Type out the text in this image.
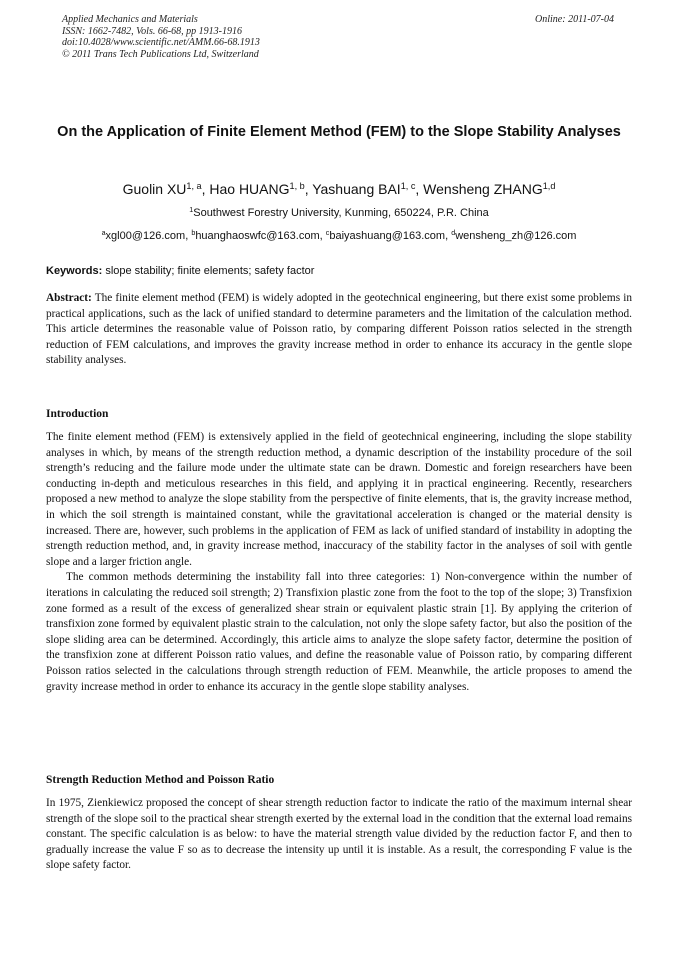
Applied Mechanics and Materials
ISSN: 1662-7482, Vols. 66-68, pp 1913-1916
doi:10.4028/www.scientific.net/AMM.66-68.1913
© 2011 Trans Tech Publications Ltd, Switzerland
Online: 2011-07-04
On the Application of Finite Element Method (FEM) to the Slope Stability Analyses
Guolin XU$^{1, a}$, Hao HUANG$^{1, b}$, Yashuang BAI$^{1, c}$, Wensheng ZHANG$^{1,d}$
$^1$Southwest Forestry University, Kunming, 650224, P.R. China
$^a$xgl00@126.com, $^b$huanghaoswfc@163.com, $^c$baiyashuang@163.com, $^d$wensheng_zh@126.com
Keywords: slope stability; finite elements; safety factor
Abstract: The finite element method (FEM) is widely adopted in the geotechnical engineering, but there exist some problems in practical applications, such as the lack of unified standard to determine parameters and the limitation of the calculation method. This article determines the reasonable value of Poisson ratio, by comparing different Poisson ratios selected in the strength reduction of FEM calculations, and improves the gravity increase method in order to enhance its accuracy in the gentle slope stability analyses.
Introduction

The finite element method (FEM) is extensively applied in the field of geotechnical engineering, including the slope stability analyses in which, by means of the strength reduction method, a dynamic description of the instability procedure of the soil strength’s reducing and the failure mode under the ultimate state can be drawn. Domestic and foreign researchers have been conducting in-depth and meticulous researches in this field, and applying it in practical engineering. Recently, researchers proposed a new method to analyze the slope stability from the perspective of finite elements, that is, the gravity increase method, in which the soil strength is maintained constant, while the gravitational acceleration is changed or the material density is increased. There are, however, such problems in the application of FEM as lack of unified standard of instability in adopting the strength reduction method, and, in gravity increase method, inaccuracy of the stability factor in the analyses of soil with gentle slope and a larger friction angle.

The common methods determining the instability fall into three categories: 1) Non-convergence within the number of iterations in calculating the reduced soil strength; 2) Transfixion plastic zone from the foot to the top of the slope; 3) Transfixion zone formed as a result of the excess of generalized shear strain or equivalent plastic strain [1]. By applying the criterion of transfixion zone formed by equivalent plastic strain to the calculation, not only the slope safety factor, but also the position of the slope sliding area can be determined. Accordingly, this article aims to analyze the slope safety factor, determine the position of the transfixion zone at different Poisson ratio values, and define the reasonable value of Poisson ratio, by comparing different Poisson ratios selected in the calculations through strength reduction of FEM. Meanwhile, the article proposes to amend the gravity increase method in order to enhance its accuracy in the gentle slope stability analyses.

Strength Reduction Method and Poisson Ratio
In 1975, Zienkiewicz proposed the concept of shear strength reduction factor to indicate the ratio of the maximum internal shear strength of the slope soil to the practical shear strength exerted by the external load in the condition that the external load remains constant. The specific calculation is as below: to have the material strength value divided by the reduction factor F, and then to gradually increase the value F so as to decrease the intensity up until it is instable. As a result, the corresponding F value is the slope safety factor.
